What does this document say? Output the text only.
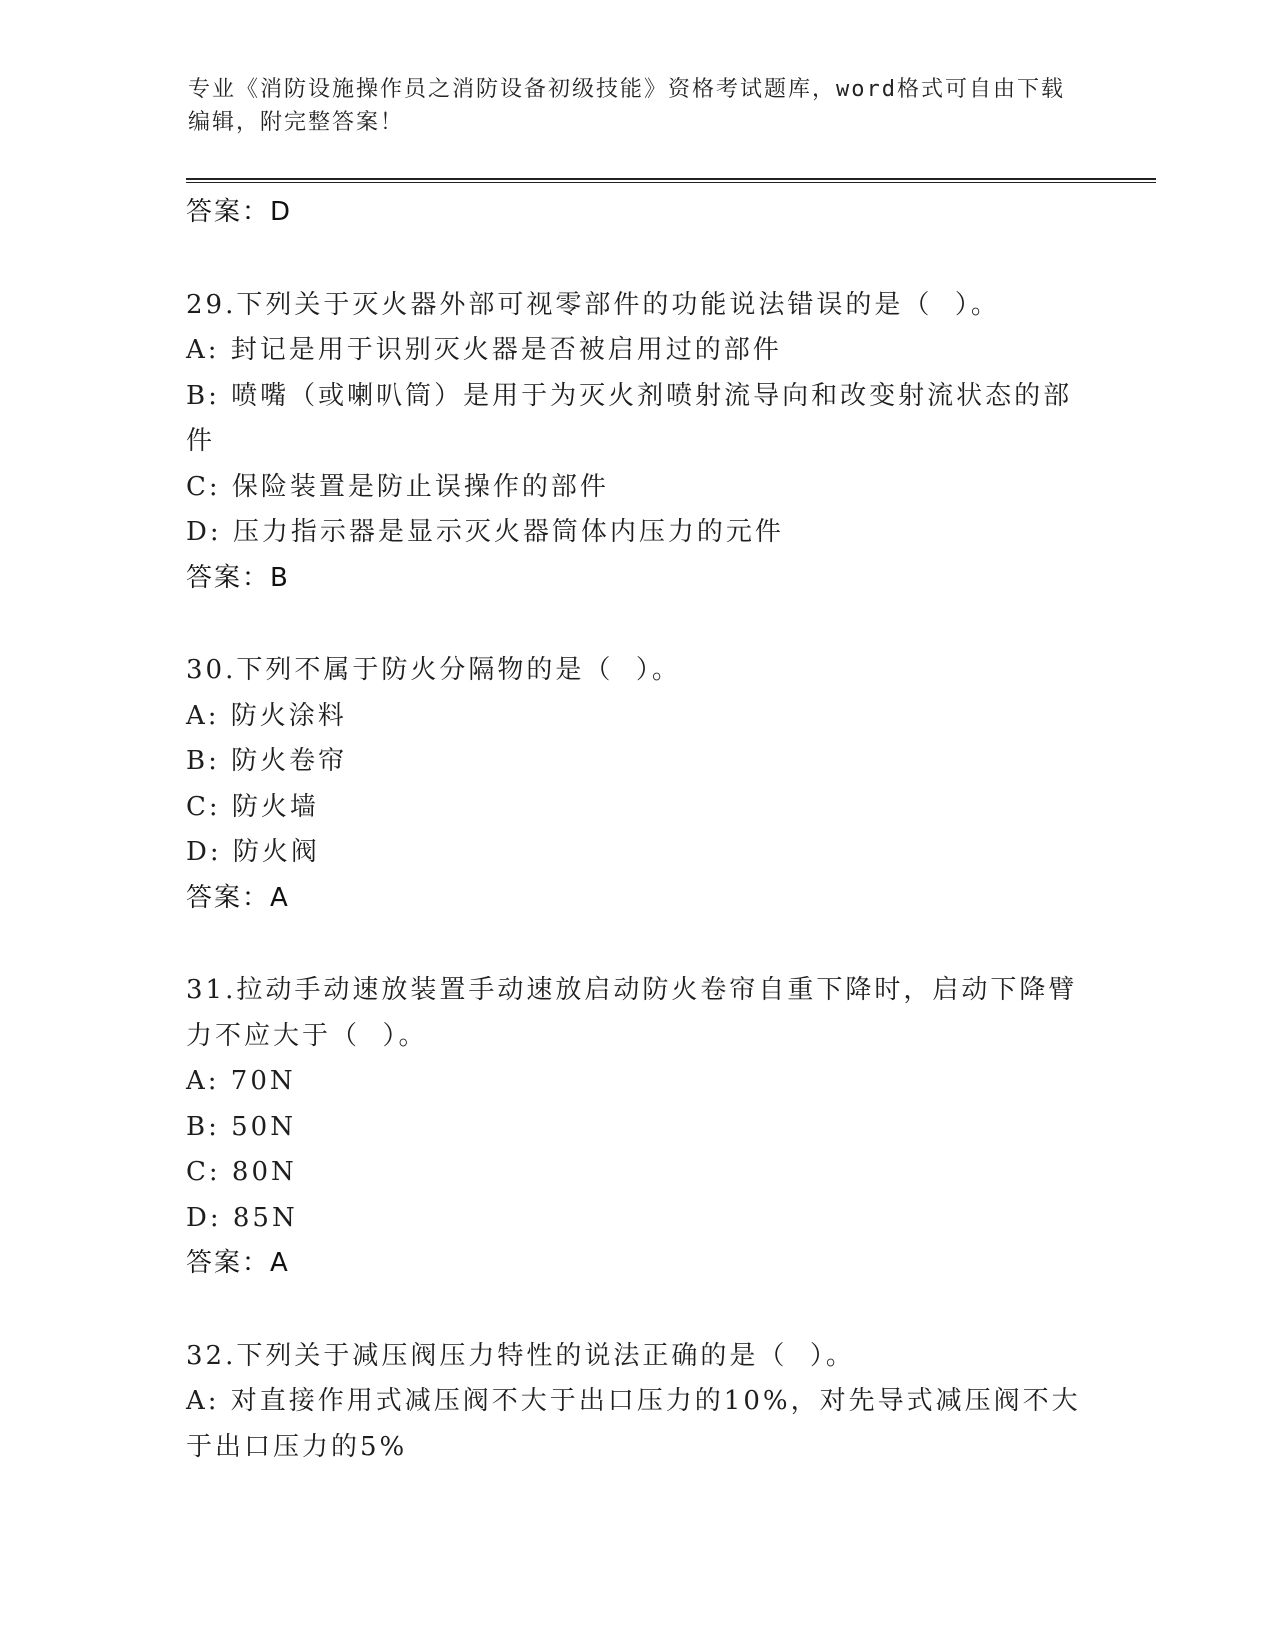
专业《消防设施操作员之消防设备初级技能》资格考试题库，word格式可自由下载编辑，附完整答案！
答案：D
29.下列关于灭火器外部可视零部件的功能说法错误的是（  ）。
A: 封记是用于识别灭火器是否被启用过的部件
B: 喷嘴（或喇叭筒）是用于为灭火剂喷射流导向和改变射流状态的部
件
C: 保险装置是防止误操作的部件
D: 压力指示器是显示灭火器筒体内压力的元件
答案：B
30.下列不属于防火分隔物的是（  ）。
A: 防火涂料
B: 防火卷帘
C: 防火墙
D: 防火阀
答案：A
31.拉动手动速放装置手动速放启动防火卷帘自重下降时，启动下降臂
力不应大于（  ）。
A: 70N
B: 50N
C: 80N
D: 85N
答案：A
32.下列关于减压阀压力特性的说法正确的是（  ）。
A: 对直接作用式减压阀不大于出口压力的10%，对先导式减压阀不大
于出口压力的5%
